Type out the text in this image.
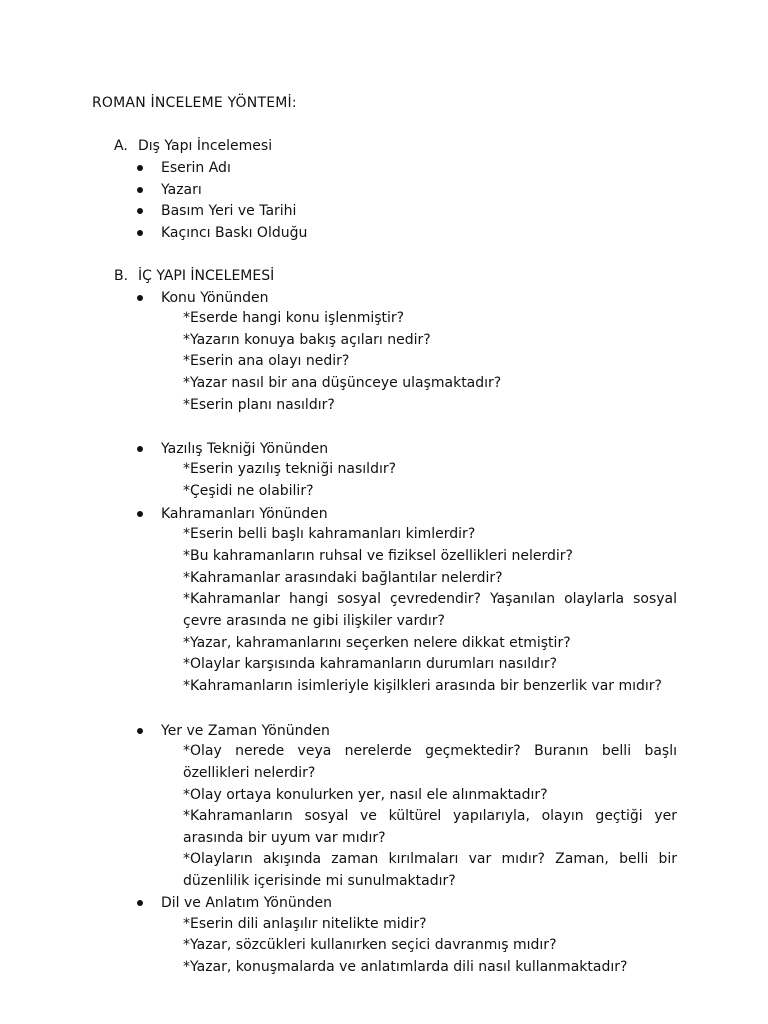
ROMAN İNCELEME YÖNTEMİ:
A. Dış Yapı İncelemesi
Eserin Adı
Yazarı
Basım Yeri ve Tarihi
Kaçıncı Baskı Olduğu
B. İÇ YAPI İNCELEMESİ
Konu Yönünden
*Eserde hangi konu işlenmiştir?
*Yazarın konuya bakış açıları nedir?
*Eserin ana olayı nedir?
*Yazar nasıl bir ana düşünceye ulaşmaktadır?
*Eserin planı nasıldır?
Yazılış Tekniği Yönünden
*Eserin yazılış tekniği nasıldır?
*Çeşidi ne olabilir?
Kahramanları Yönünden
*Eserin belli başlı kahramanları kimlerdir?
*Bu kahramanların ruhsal ve fiziksel özellikleri nelerdir?
*Kahramanlar arasındaki bağlantılar nelerdir?
*Kahramanlar hangi sosyal çevredendir? Yaşanılan olaylarla sosyal çevre arasında ne gibi ilişkiler vardır?
*Yazar, kahramanlarını seçerken nelere dikkat etmiştir?
*Olaylar karşısında kahramanların durumları nasıldır?
*Kahramanların isimleriyle kişilkleri arasında bir benzerlik var mıdır?
Yer ve Zaman Yönünden
*Olay nerede veya nerelerde geçmektedir? Buranın belli başlı özellikleri nelerdir?
*Olay ortaya konulurken yer, nasıl ele alınmaktadır?
*Kahramanların sosyal ve kültürel yapılarıyla, olayın geçtiği yer arasında bir uyum var mıdır?
*Olayların akışında zaman kırılmaları var mıdır? Zaman, belli bir düzenlilik içerisinde mi sunulmaktadır?
Dil ve Anlatım Yönünden
*Eserin dili anlaşılır nitelikte midir?
*Yazar, sözcükleri kullanırken seçici davranmış mıdır?
*Yazar, konuşmalarda ve anlatımlarda dili nasıl kullanmaktadır?
